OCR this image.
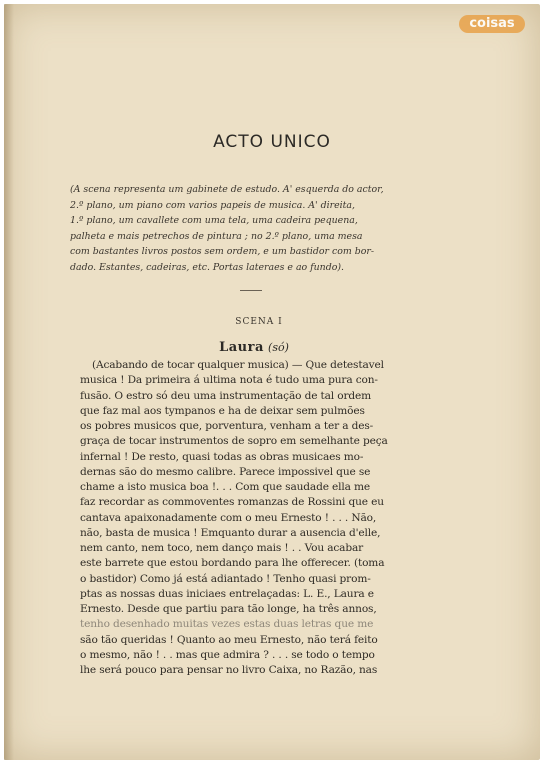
coisas
ACTO UNICO
(A scena representa um gabinete de estudo. A' esquerda do actor,
2.º plano, um piano com varios papeis de musica. A' direita,
1.º plano, um cavallete com uma tela, uma cadeira pequena,
palheta e mais petrechos de pintura ; no 2.º plano, uma mesa
com bastantes livros postos sem ordem, e um bastidor com bor-
dado. Estantes, cadeiras, etc. Portas lateraes e ao fundo).
SCENA I
Laura (só)
(Acabando de tocar qualquer musica) — Que detestavel
musica ! Da primeira á ultima nota é tudo uma pura con-
fusão. O estro só deu uma instrumentação de tal ordem
que faz mal aos tympanos e ha de deixar sem pulmões
os pobres musicos que, porventura, venham a ter a des-
graça de tocar instrumentos de sopro em semelhante peça
infernal ! De resto, quasi todas as obras musicaes mo-
dernas são do mesmo calibre. Parece impossivel que se
chame a isto musica boa !. . . Com que saudade ella me
faz recordar as commoventes romanzas de Rossini que eu
cantava apaixonadamente com o meu Ernesto ! . . . Não,
não, basta de musica ! Emquanto durar a ausencia d'elle,
nem canto, nem toco, nem danço mais ! . . Vou acabar
este barrete que estou bordando para lhe offerecer. (toma
o bastidor) Como já está adiantado ! Tenho quasi prom-
ptas as nossas duas iniciaes entrelaçadas: L. E., Laura e
Ernesto. Desde que partiu para tão longe, ha três annos,
tenho desenhado muitas vezes estas duas letras que me
são tão queridas ! Quanto ao meu Ernesto, não terá feito
o mesmo, não ! . . mas que admira ? . . . se todo o tempo
lhe será pouco para pensar no livro Caixa, no Razão, nas
